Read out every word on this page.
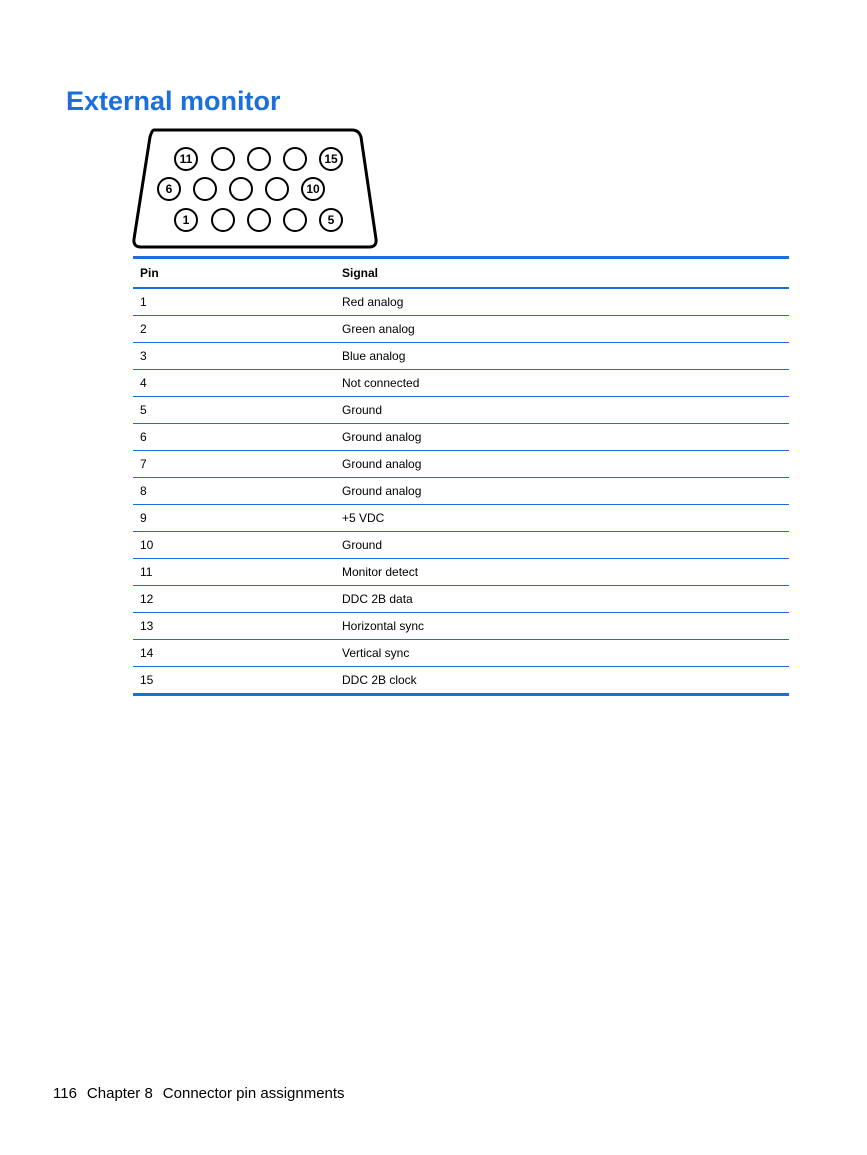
External monitor
11	15
6	10
1	5
Pin	Signal
1	Red analog
2	Green analog
3	Blue analog
4	Not connected
5	Ground
6	Ground analog
7	Ground analog
8	Ground analog
9	+5 VDC
10	Ground
11	Monitor detect
12	DDC 2B data
13	Horizontal sync
14	Vertical sync
15	DDC 2B clock
116 Chapter 8 Connector pin assignments
